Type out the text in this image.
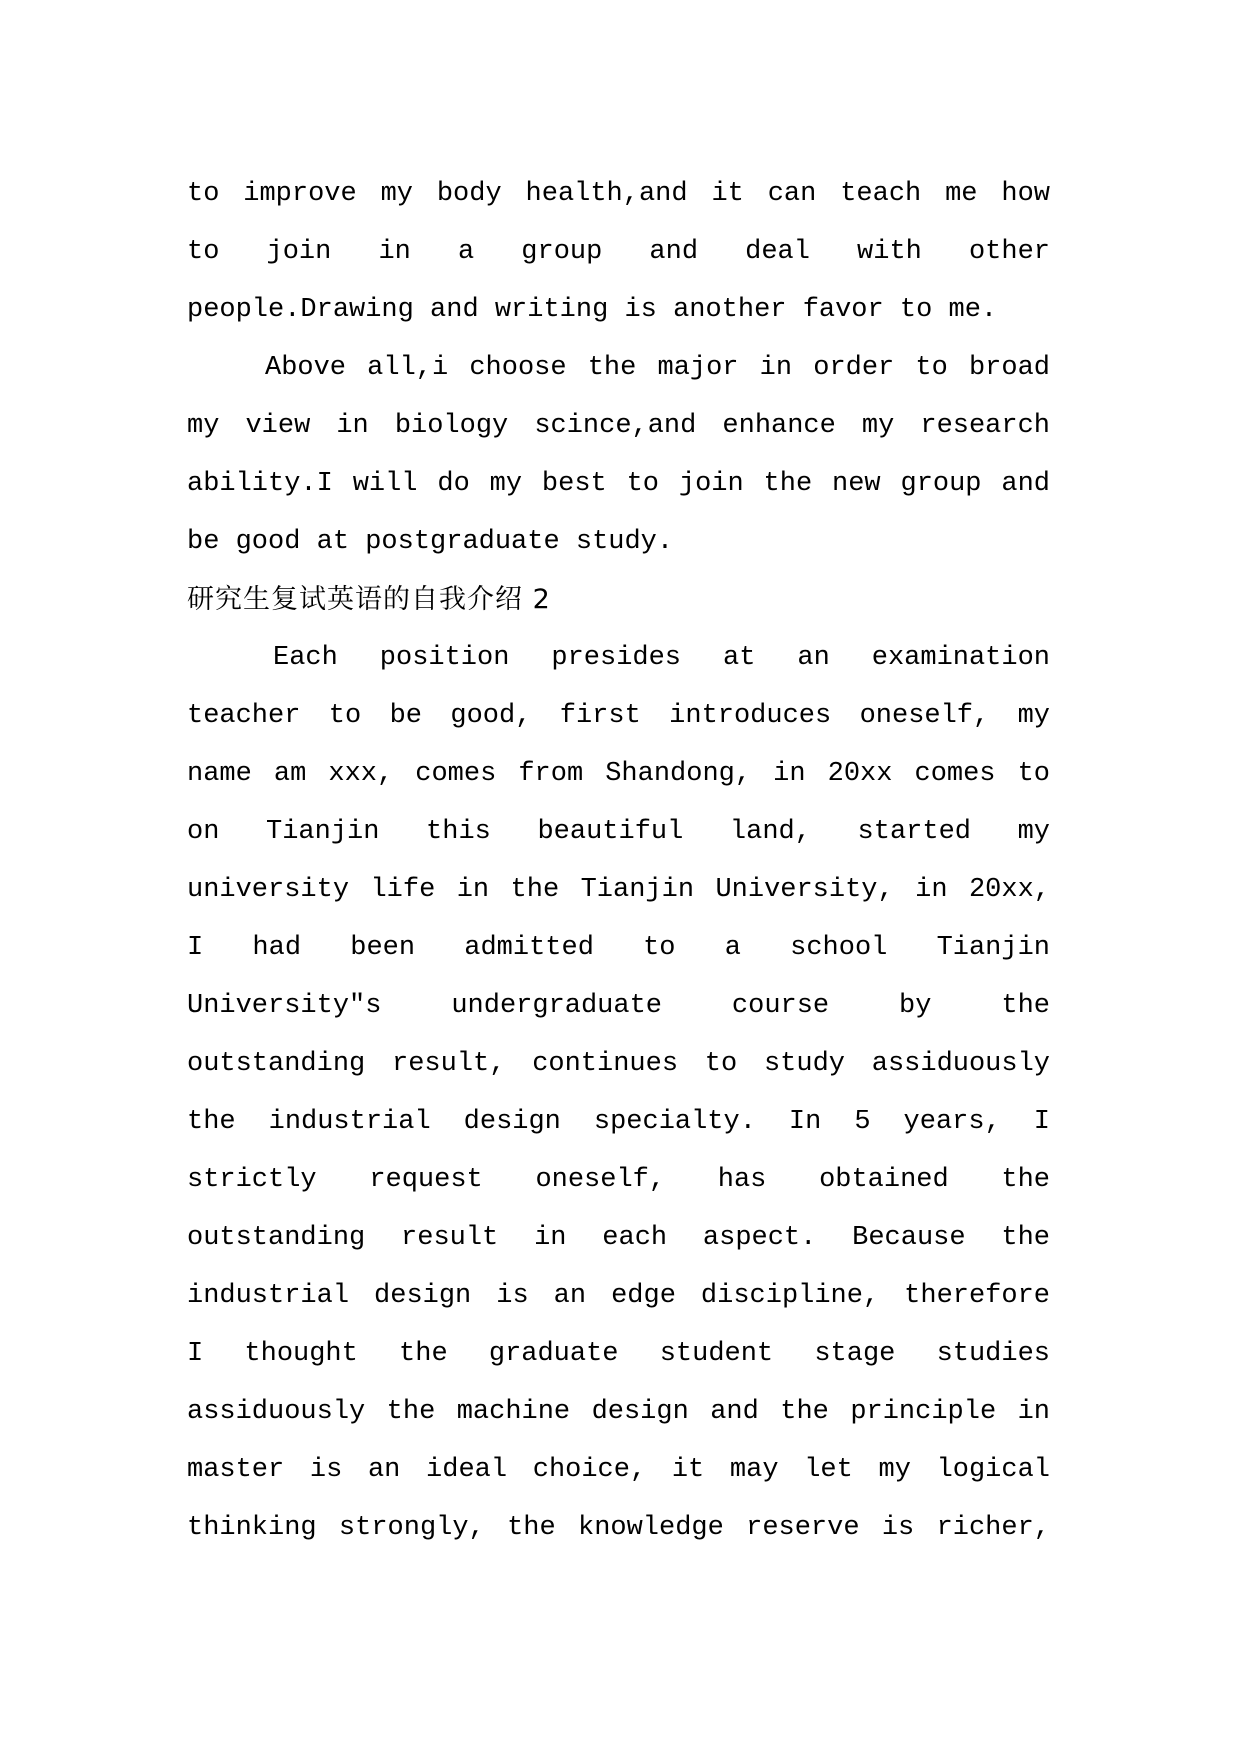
to improve my body health,and it can teach me how
to join in a group and deal with other
people.Drawing and writing is another favor to me.
Above all,i choose the major in order to broad
my view in biology scince,and enhance my research
ability.I will do my best to join the new group and
be good at postgraduate study.
研究生复试英语的自我介绍 2
Each position presides at an examination
teacher to be good, first introduces oneself, my
name am xxx, comes from Shandong, in 20xx comes to
on Tianjin this beautiful land, started my
university life in the Tianjin University, in 20xx,
I had been admitted to a school Tianjin
University"s undergraduate course by the
outstanding result, continues to study assiduously
the industrial design specialty. In 5 years, I
strictly request oneself, has obtained the
outstanding result in each aspect. Because the
industrial design is an edge discipline, therefore
I thought the graduate student stage studies
assiduously the machine design and the principle in
master is an ideal choice, it may let my logical
thinking strongly, the knowledge reserve is richer,
